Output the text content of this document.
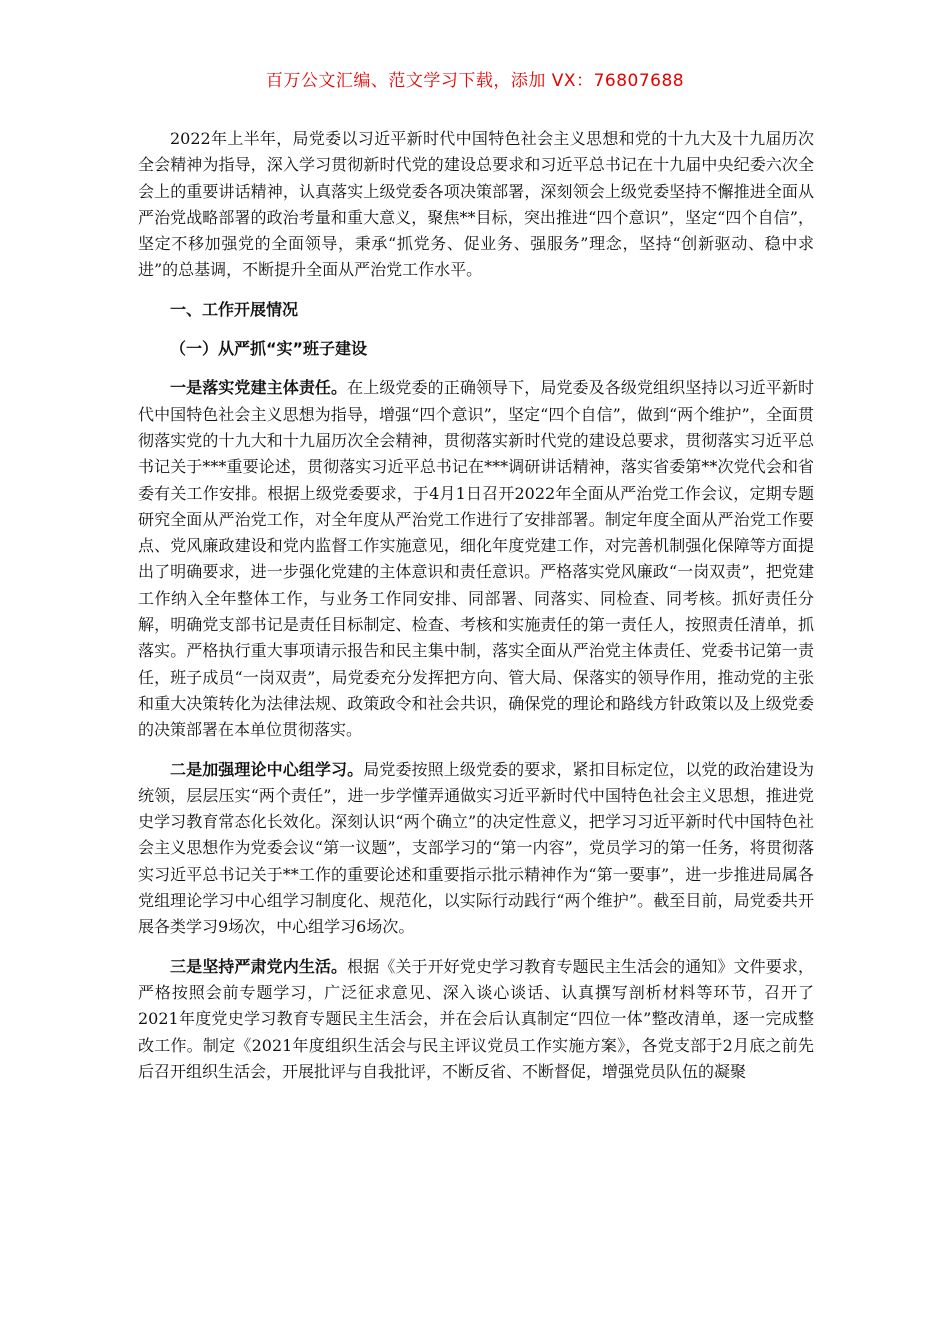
百万公文汇编、范文学习下载，添加 VX：76807688

2022年上半年，局党委以习近平新时代中国特色社会主义思想和党的十九大及十九届历次全会精神为指导，深入学习贯彻新时代党的建设总要求和习近平总书记在十九届中央纪委六次全会上的重要讲话精神，认真落实上级党委各项决策部署，深刻领会上级党委坚持不懈推进全面从严治党战略部署的政治考量和重大意义，聚焦**目标，突出推进“四个意识”，坚定“四个自信”，坚定不移加强党的全面领导，秉承“抓党务、促业务、强服务”理念，坚持“创新驱动、稳中求进”的总基调，不断提升全面从严治党工作水平。

一、工作开展情况

（一）从严抓“实”班子建设

一是落实党建主体责任。在上级党委的正确领导下，局党委及各级党组织坚持以习近平新时代中国特色社会主义思想为指导，增强“四个意识”，坚定“四个自信”，做到“两个维护”，全面贯彻落实党的十九大和十九届历次全会精神，贯彻落实新时代党的建设总要求，贯彻落实习近平总书记关于***重要论述，贯彻落实习近平总书记在***调研讲话精神，落实省委第**次党代会和省委有关工作安排。根据上级党委要求，于4月1日召开2022年全面从严治党工作会议，定期专题研究全面从严治党工作，对全年度从严治党工作进行了安排部署。制定年度全面从严治党工作要点、党风廉政建设和党内监督工作实施意见，细化年度党建工作，对完善机制强化保障等方面提出了明确要求，进一步强化党建的主体意识和责任意识。严格落实党风廉政“一岗双责”，把党建工作纳入全年整体工作，与业务工作同安排、同部署、同落实、同检查、同考核。抓好责任分解，明确党支部书记是责任目标制定、检查、考核和实施责任的第一责任人，按照责任清单，抓落实。严格执行重大事项请示报告和民主集中制，落实全面从严治党主体责任、党委书记第一责任，班子成员“一岗双责”，局党委充分发挥把方向、管大局、保落实的领导作用，推动党的主张和重大决策转化为法律法规、政策政令和社会共识，确保党的理论和路线方针政策以及上级党委的决策部署在本单位贯彻落实。

二是加强理论中心组学习。局党委按照上级党委的要求，紧扣目标定位，以党的政治建设为统领，层层压实“两个责任”，进一步学懂弄通做实习近平新时代中国特色社会主义思想，推进党史学习教育常态化长效化。深刻认识“两个确立”的决定性意义，把学习习近平新时代中国特色社会主义思想作为党委会议“第一议题”，支部学习的“第一内容”，党员学习的第一任务，将贯彻落实习近平总书记关于**工作的重要论述和重要指示批示精神作为“第一要事”，进一步推进局属各党组理论学习中心组学习制度化、规范化，以实际行动践行“两个维护”。截至目前，局党委共开展各类学习9场次，中心组学习6场次。

三是坚持严肃党内生活。根据《关于开好党史学习教育专题民主生活会的通知》文件要求，严格按照会前专题学习，广泛征求意见、深入谈心谈话、认真撰写剖析材料等环节，召开了2021年度党史学习教育专题民主生活会，并在会后认真制定“四位一体”整改清单，逐一完成整改工作。制定《2021年度组织生活会与民主评议党员工作实施方案》，各党支部于2月底之前先后召开组织生活会，开展批评与自我批评，不断反省、不断督促，增强党员队伍的凝聚
